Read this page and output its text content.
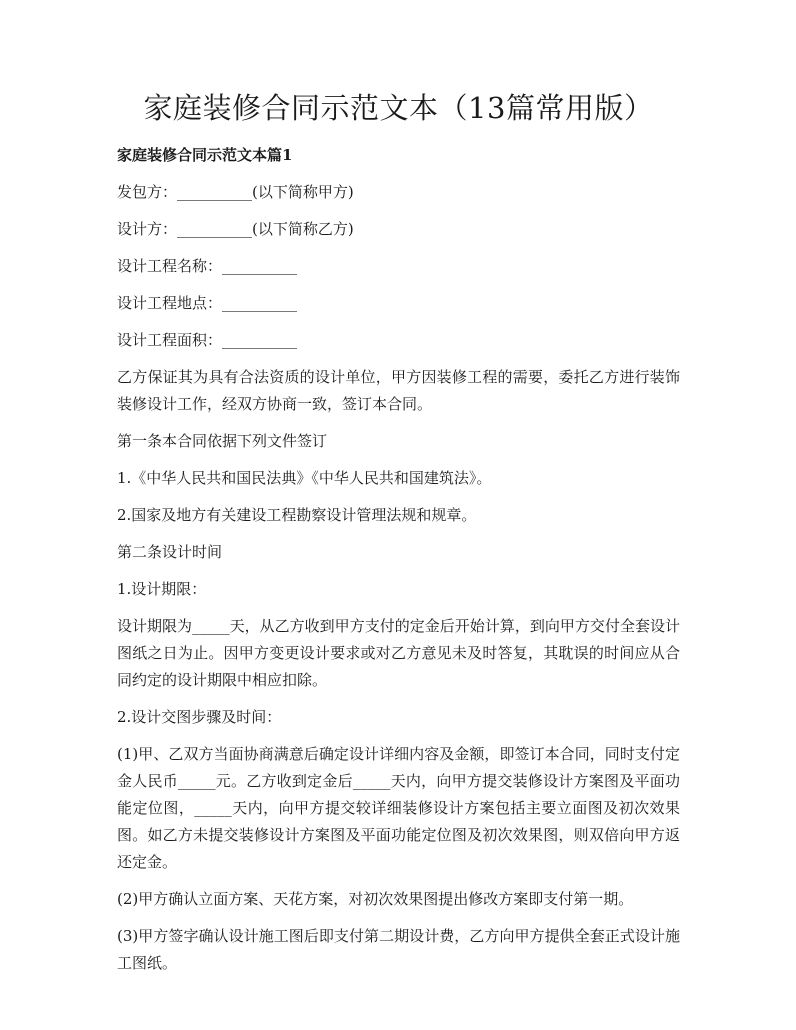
家庭装修合同示范文本（13篇常用版）
家庭装修合同示范文本篇1

发包方：__________(以下简称甲方)

设计方：__________(以下简称乙方)

设计工程名称：__________

设计工程地点：__________

设计工程面积：__________

乙方保证其为具有合法资质的设计单位，甲方因装修工程的需要，委托乙方进行装饰装修设计工作，经双方协商一致，签订本合同。

第一条本合同依据下列文件签订

1.《中华人民共和国民法典》《中华人民共和国建筑法》。

2.国家及地方有关建设工程勘察设计管理法规和规章。

第二条设计时间

1.设计期限：

设计期限为_____天，从乙方收到甲方支付的定金后开始计算，到向甲方交付全套设计图纸之日为止。因甲方变更设计要求或对乙方意见未及时答复，其耽误的时间应从合同约定的设计期限中相应扣除。

2.设计交图步骤及时间：

(1)甲、乙双方当面协商满意后确定设计详细内容及金额，即签订本合同，同时支付定金人民币_____元。乙方收到定金后_____天内，向甲方提交装修设计方案图及平面功能定位图，_____天内，向甲方提交较详细装修设计方案包括主要立面图及初次效果图。如乙方未提交装修设计方案图及平面功能定位图及初次效果图，则双倍向甲方返还定金。

(2)甲方确认立面方案、天花方案，对初次效果图提出修改方案即支付第一期。

(3)甲方签字确认设计施工图后即支付第二期设计费，乙方向甲方提供全套正式设计施工图纸。
